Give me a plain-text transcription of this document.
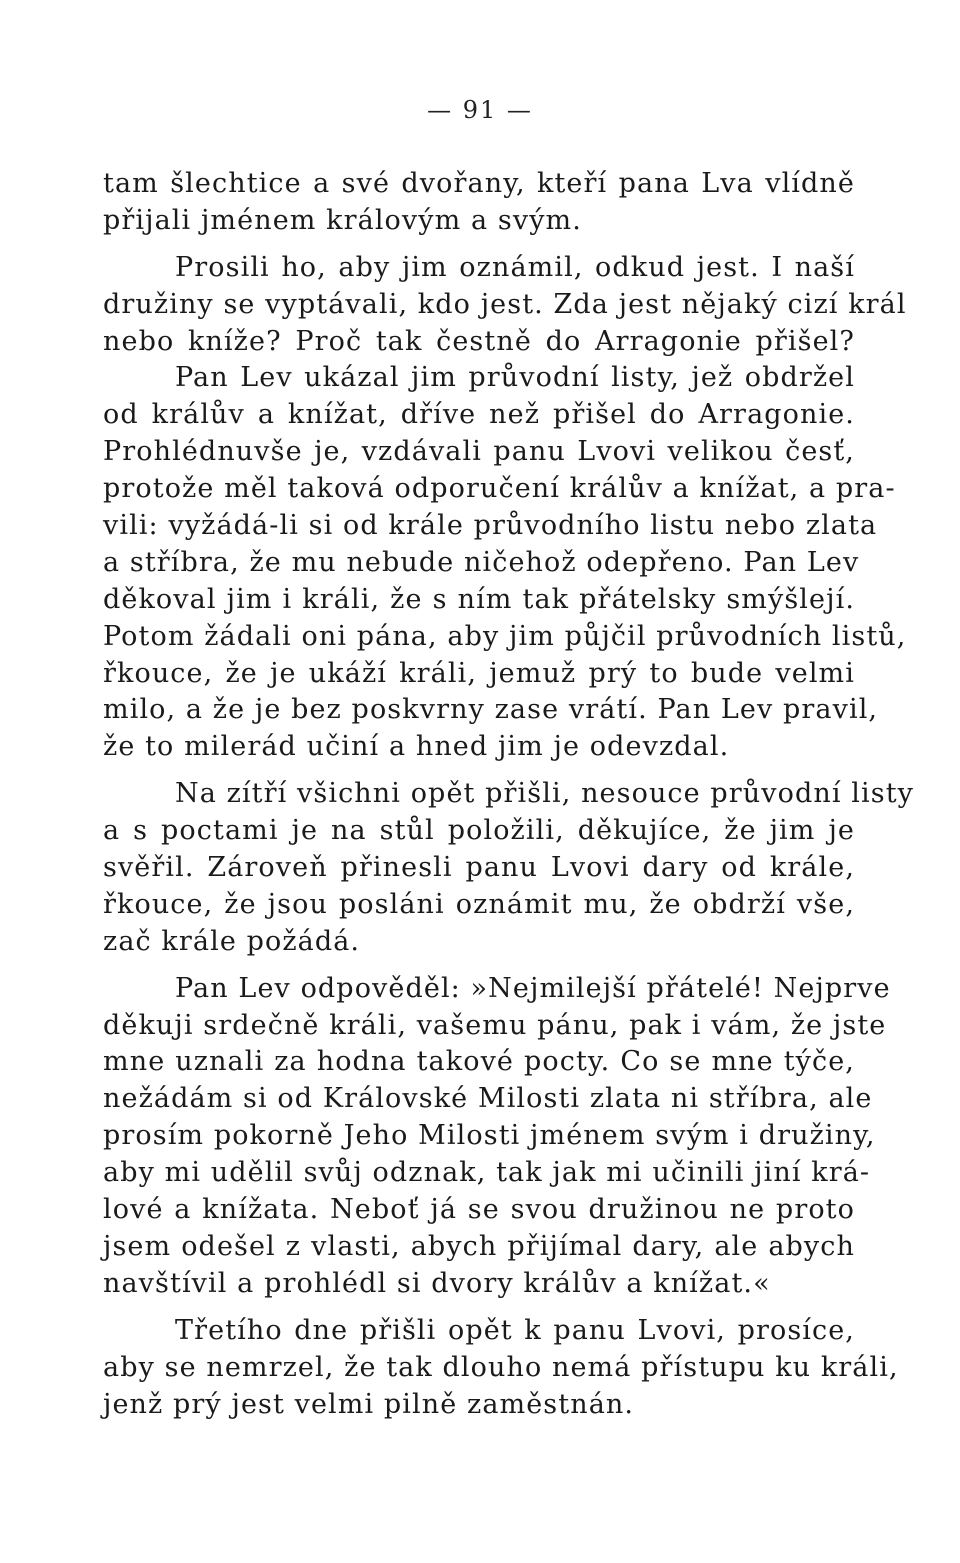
— 91 —
tam šlechtice a své dvořany, kteří pana Lva vlídně
přijali jménem královým a svým.
Prosili ho, aby jim oznámil, odkud jest. I naší
družiny se vyptávali, kdo jest. Zda jest nějaký cizí král
nebo kníže? Proč tak čestně do Arragonie přišel?
Pan Lev ukázal jim průvodní listy, jež obdržel
od králův a knížat, dříve než přišel do Arragonie.
Prohlédnuvše je, vzdávali panu Lvovi velikou česť,
protože měl taková odporučení králův a knížat, a pra-
vili: vyžádá-li si od krále průvodního listu nebo zlata
a stříbra, že mu nebude ničehož odepřeno. Pan Lev
děkoval jim i králi, že s ním tak přátelsky smýšlejí.
Potom žádali oni pána, aby jim půjčil průvodních listů,
řkouce, že je ukáží králi, jemuž prý to bude velmi
milo, a že je bez poskvrny zase vrátí. Pan Lev pravil,
že to milerád učiní a hned jim je odevzdal.
Na zítří všichni opět přišli, nesouce průvodní listy
a s poctami je na stůl položili, děkujíce, že jim je
svěřil. Zároveň přinesli panu Lvovi dary od krále,
řkouce, že jsou posláni oznámit mu, že obdrží vše,
zač krále požádá.
Pan Lev odpověděl: »Nejmilejší přátelé! Nejprve
děkuji srdečně králi, vašemu pánu, pak i vám, že jste
mne uznali za hodna takové pocty. Co se mne týče,
nežádám si od Královské Milosti zlata ni stříbra, ale
prosím pokorně Jeho Milosti jménem svým i družiny,
aby mi udělil svůj odznak, tak jak mi učinili jiní krá-
lové a knížata. Neboť já se svou družinou ne proto
jsem odešel z vlasti, abych přijímal dary, ale abych
navštívil a prohlédl si dvory králův a knížat.«
Třetího dne přišli opět k panu Lvovi, prosíce,
aby se nemrzel, že tak dlouho nemá přístupu ku králi,
jenž prý jest velmi pilně zaměstnán.
